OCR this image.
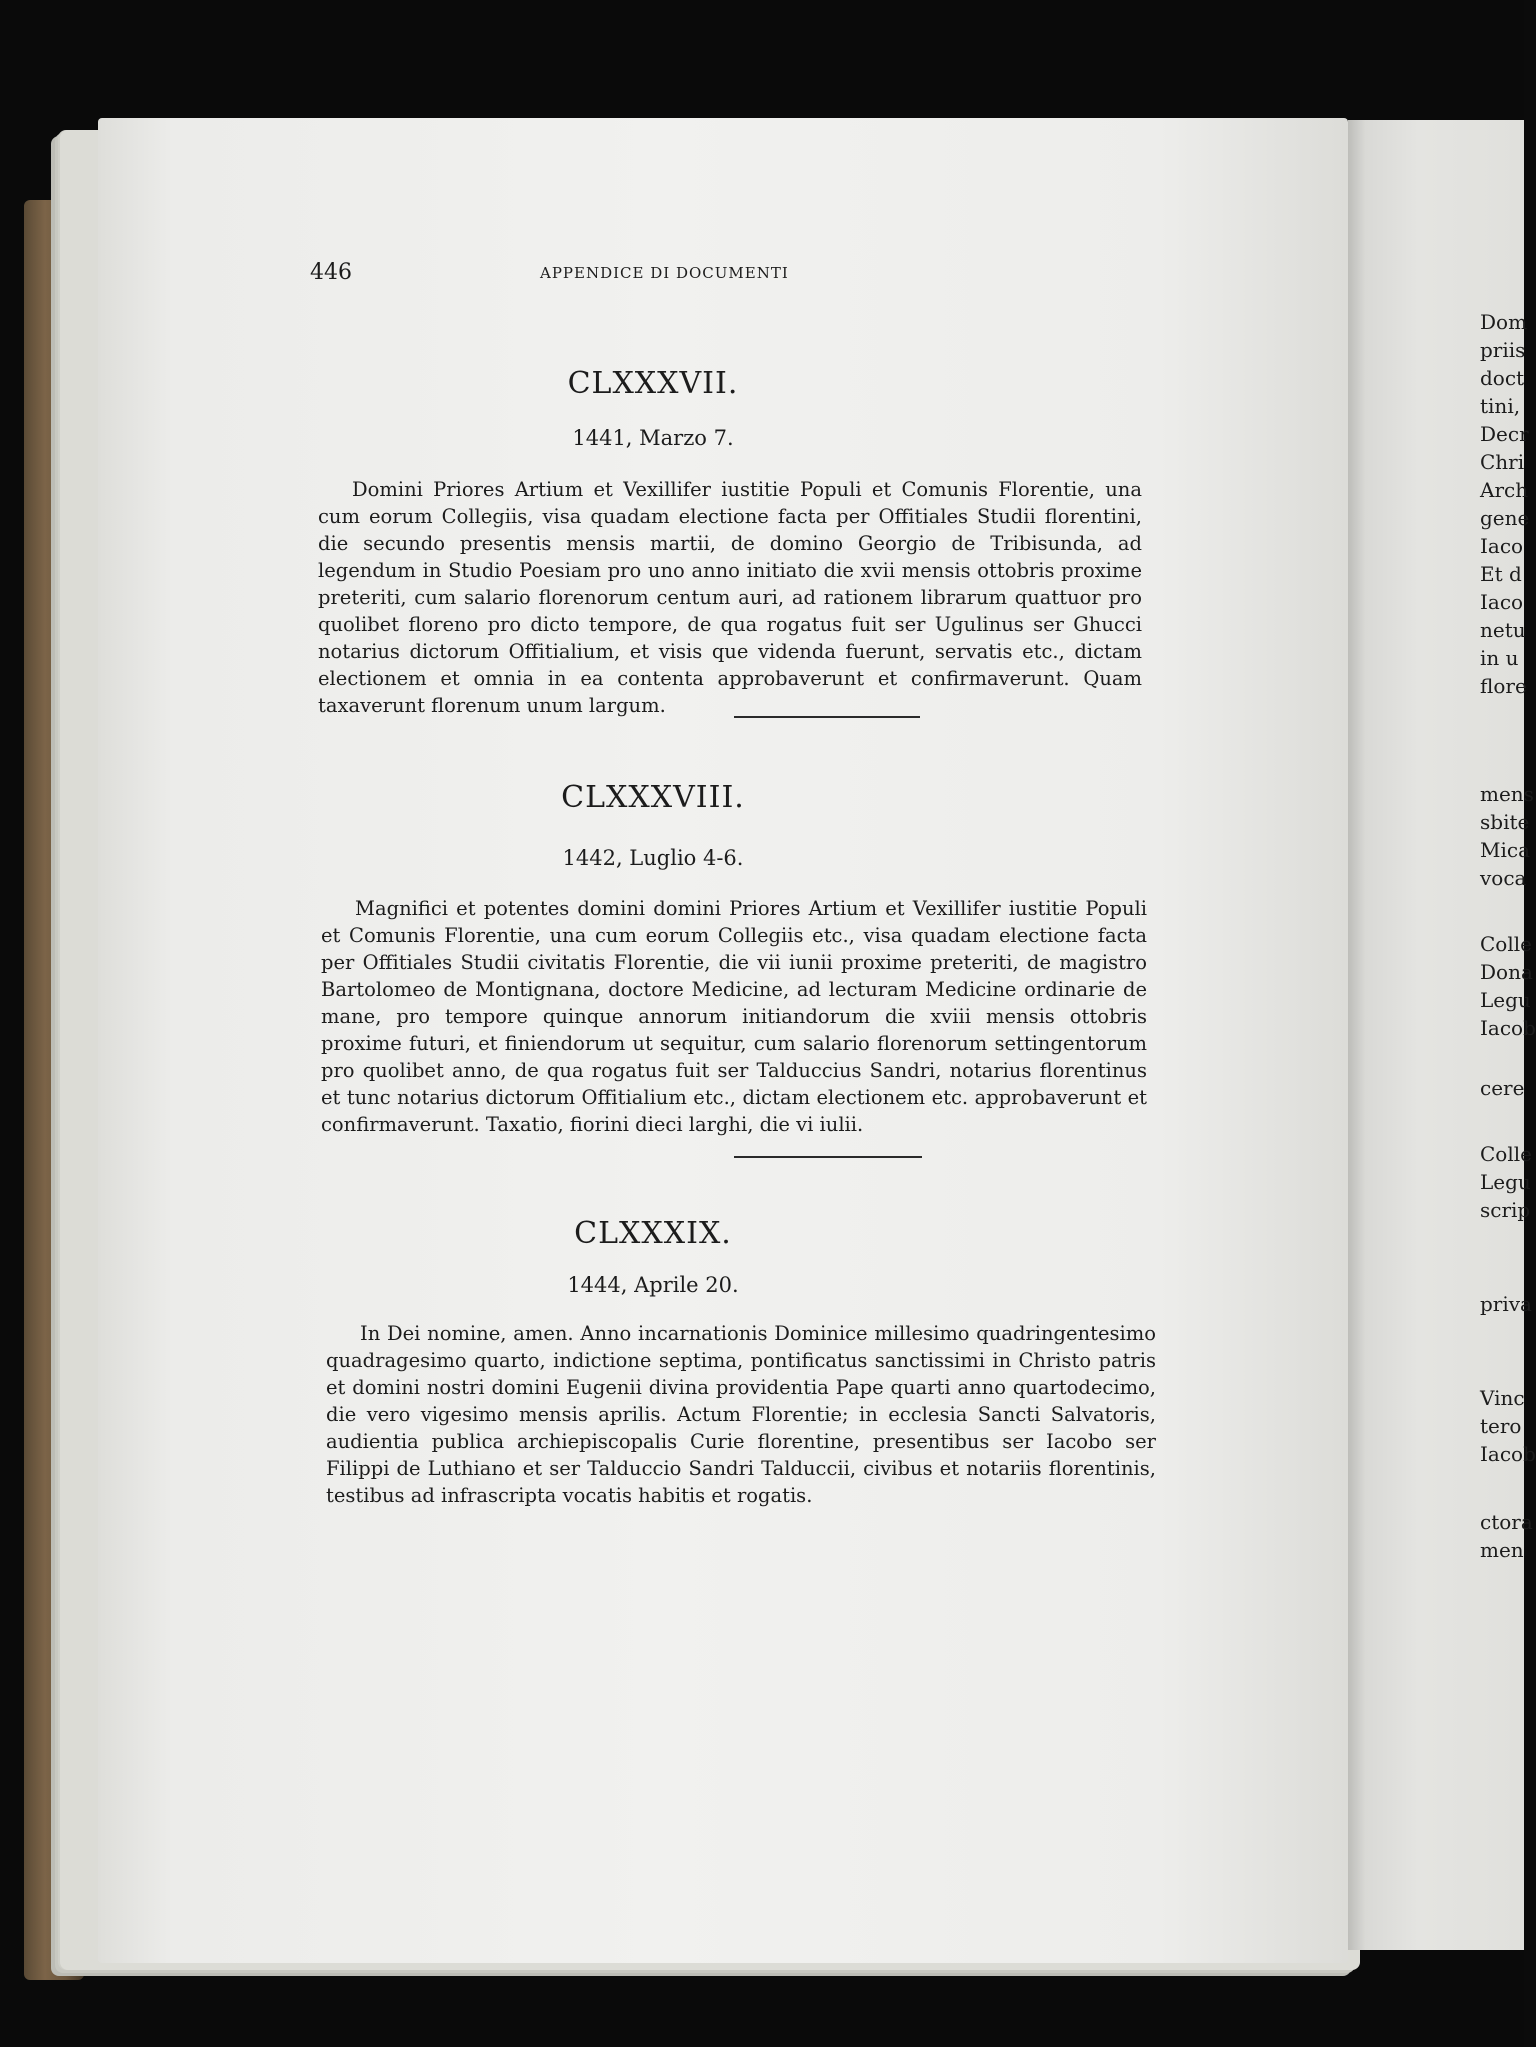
Dom
priis
doct
tini,
Decr
Chri
Arch
gene
Iaco
Et d
Iaco
netu
in u
flore
mens
sbite
Mica
voca
Colle
Dona
Legu
Iacob
cere
Colle
Legu
scrip
priva
Vinc
tero
Iacob
ctora
men

446	APPENDICE DI DOCUMENTI
CLXXXVII.
1441, Marzo 7.

Domini Priores Artium et Vexillifer iustitie Populi et Comunis Florentie, una cum eorum Collegiis, visa quadam electione facta per Offitiales Studii florentini, die secundo presentis mensis martii, de domino Georgio de Tribisunda, ad legendum in Studio Poesiam pro uno anno initiato die xvii mensis ottobris proxime preteriti, cum salario florenorum centum auri, ad rationem librarum quattuor pro quolibet floreno pro dicto tempore, de qua rogatus fuit ser Ugulinus ser Ghucci notarius dictorum Offitialium, et visis que videnda fuerunt, servatis etc., dictam electionem et omnia in ea contenta approbaverunt et confirmaverunt. Quam taxaverunt florenum unum largum.

CLXXXVIII.
1442, Luglio 4-6.

Magnifici et potentes domini domini Priores Artium et Vexillifer iustitie Populi et Comunis Florentie, una cum eorum Collegiis etc., visa quadam electione facta per Offitiales Studii civitatis Florentie, die vii iunii proxime preteriti, de magistro Bartolomeo de Montignana, doctore Medicine, ad lecturam Medicine ordinarie de mane, pro tempore quinque annorum initiandorum die xviii mensis ottobris proxime futuri, et finiendorum ut sequitur, cum salario florenorum settingentorum pro quolibet anno, de qua rogatus fuit ser Talduccius Sandri, notarius florentinus et tunc notarius dictorum Offitialium etc., dictam electionem etc. approbaverunt et confirmaverunt. Taxatio, fiorini dieci larghi, die vi iulii.

CLXXXIX.
1444, Aprile 20.

In Dei nomine, amen. Anno incarnationis Dominice millesimo quadringentesimo quadragesimo quarto, indictione septima, pontificatus sanctissimi in Christo patris et domini nostri domini Eugenii divina providentia Pape quarti anno quartodecimo, die vero vigesimo mensis aprilis. Actum Florentie; in ecclesia Sancti Salvatoris, audientia publica archiepiscopalis Curie florentine, presentibus ser Iacobo ser Filippi de Luthiano et ser Talduccio Sandri Talduccii, civibus et notariis florentinis, testibus ad infrascripta vocatis habitis et rogatis.
